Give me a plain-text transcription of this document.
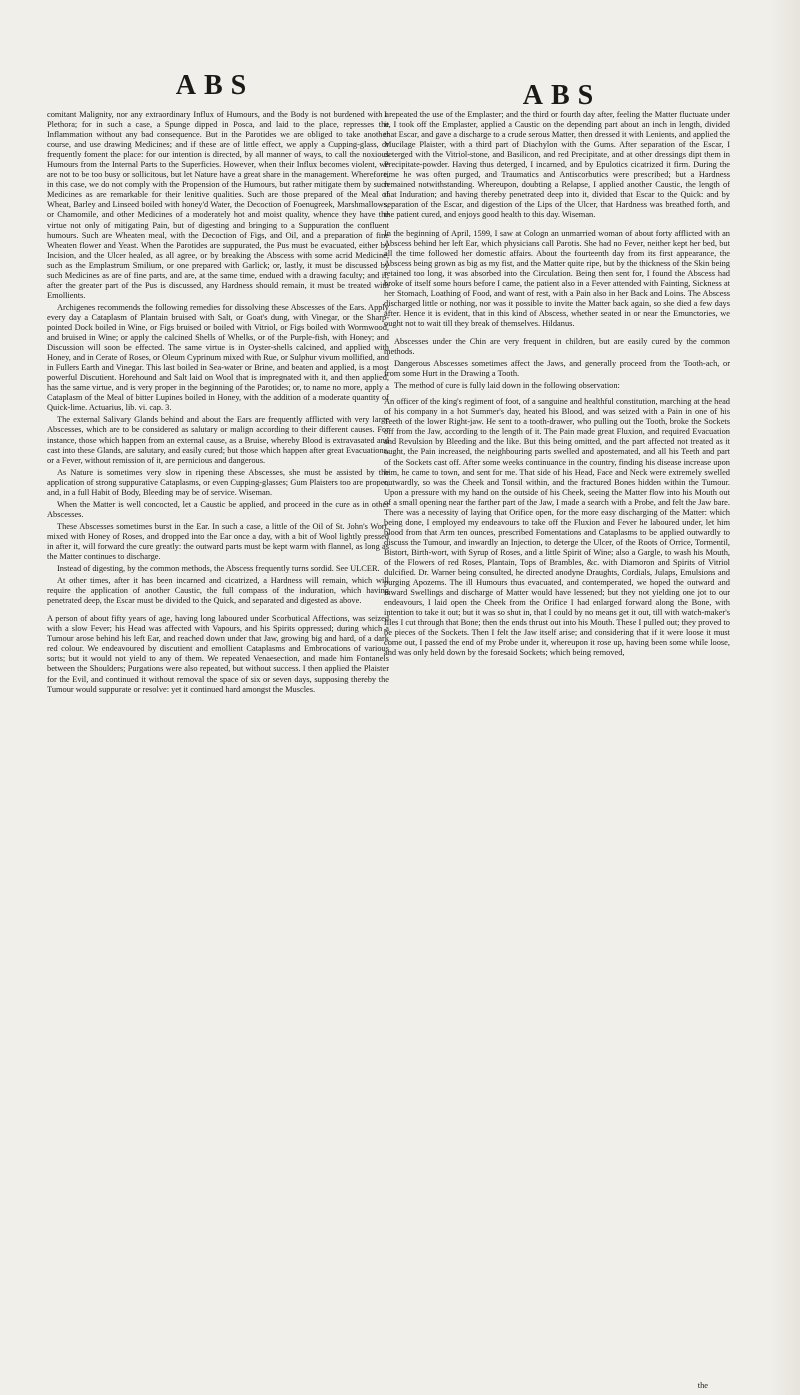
ABS	ABS

comitant Malignity, nor any extraordinary Influx of Humours, and the Body is not burdened with a Plethora; for in such a case, a Spunge dipped in Posca, and laid to the place, represses the Inflammation without any bad consequence. But in the Parotides we are obliged to take another course, and use drawing Medicines; and if these are of little effect, we apply a Cupping-glass, or frequently foment the place: for our intention is directed, by all manner of ways, to call the noxious Humours from the Internal Parts to the Superficies. However, when their Influx becomes violent, we are not to be too busy or sollicitous, but let Nature have a great share in the management. Wherefore, in this case, we do not comply with the Propension of the Humours, but rather mitigate them by such Medicines as are remarkable for their lenitive qualities. Such are those prepared of the Meal of Wheat, Barley and Linseed boiled with honey'd Water, the Decoction of Foenugreek, Marshmallows, or Chamomile, and other Medicines of a moderately hot and moist quality, whence they have the virtue not only of mitigating Pain, but of digesting and bringing to a Suppuration the confluent humours. Such are Wheaten meal, with the Decoction of Figs, and Oil, and a preparation of fine Wheaten flower and Yeast. When the Parotides are suppurated, the Pus must be evacuated, either by Incision, and the Ulcer healed, as all agree, or by breaking the Abscess with some acrid Medicine, such as the Emplastrum Smilium, or one prepared with Garlick; or, lastly, it must be discussed by such Medicines as are of fine parts, and are, at the same time, endued with a drawing faculty; and if, after the greater part of the Pus is discussed, any Hardness should remain, it must be treated with Emollients.

Archigenes recommends the following remedies for dissolving these Abscesses of the Ears. Apply every day a Cataplasm of Plantain bruised with Salt, or Goat's dung, with Vinegar, or the Sharp-pointed Dock boiled in Wine, or Figs bruised or boiled with Vitriol, or Figs boiled with Wormwood, and bruised in Wine; or apply the calcined Shells of Whelks, or of the Purple-fish, with Honey; and Discussion will soon be effected. The same virtue is in Oyster-shells calcined, and applied with Honey, and in Cerate of Roses, or Oleum Cyprinum mixed with Rue, or Sulphur vivum mollified, and in Fullers Earth and Vinegar. This last boiled in Sea-water or Brine, and beaten and applied, is a most powerful Discutient. Horehound and Salt laid on Wool that is impregnated with it, and then applied, has the same virtue, and is very proper in the beginning of the Parotides; or, to name no more, apply a Cataplasm of the Meal of bitter Lupines boiled in Honey, with the addition of a moderate quantity of Quick-lime. Actuarius, lib. vi. cap. 3.

The external Salivary Glands behind and about the Ears are frequently afflicted with very large Abscesses, which are to be considered as salutary or malign according to their different causes. For instance, those which happen from an external cause, as a Bruise, whereby Blood is extravasated and cast into these Glands, are salutary, and easily cured; but those which happen after great Evacuations, or a Fever, without remission of it, are pernicious and dangerous.

As Nature is sometimes very slow in ripening these Abscesses, she must be assisted by the application of strong suppurative Cataplasms, or even Cupping-glasses; Gum Plaisters too are proper, and, in a full Habit of Body, Bleeding may be of service. Wiseman.

When the Matter is well concocted, let a Caustic be applied, and proceed in the cure as in other Abscesses.

These Abscesses sometimes burst in the Ear. In such a case, a little of the Oil of St. John's Wort, mixed with Honey of Roses, and dropped into the Ear once a day, with a bit of Wool lightly pressed in after it, will forward the cure greatly: the outward parts must be kept warm with flannel, as long as the Matter continues to discharge.

Instead of digesting, by the common methods, the Abscess frequently turns sordid. See ULCER.

At other times, after it has been incarned and cicatrized, a Hardness will remain, which will require the application of another Caustic, the full compass of the induration, which having penetrated deep, the Escar must be divided to the Quick, and separated and digested as above.

A person of about fifty years of age, having long laboured under Scorbutical Affections, was seized with a slow Fever; his Head was affected with Vapours, and his Spirits oppressed; during which a Tumour arose behind his left Ear, and reached down under that Jaw, growing big and hard, of a dark red colour. We endeavoured by discutient and emollient Cataplasms and Embrocations of various sorts; but it would not yield to any of them. We repeated Venaesection, and made him Fontanels between the Shoulders; Purgations were also repeated, but without success. I then applied the Plaister for the Evil, and continued it without removal the space of six or seven days, supposing thereby the Tumour would suppurate or resolve: yet it continued hard amongst the Muscles.

I repeated the use of the Emplaster; and the third or fourth day after, feeling the Matter fluctuate under it, I took off the Emplaster, applied a Caustic on the depending part about an inch in length, divided that Escar, and gave a discharge to a crude serous Matter, then dressed it with Lenients, and applied the Mucilage Plaister, with a third part of Diachylon with the Gums. After separation of the Escar, I deterged with the Vitriol-stone, and Basilicon, and red Precipitate, and at other dressings dipt them in Precipitate-powder. Having thus deterged, I incarned, and by Epulotics cicatrized it firm. During the time he was often purged, and Traumatics and Antiscorbutics were prescribed; but a Hardness remained notwithstanding. Whereupon, doubting a Relapse, I applied another Caustic, the length of that Induration; and having thereby penetrated deep into it, divided that Escar to the Quick: and by separation of the Escar, and digestion of the Lips of the Ulcer, that Hardness was breathed forth, and the patient cured, and enjoys good health to this day. Wiseman.

In the beginning of April, 1599, I saw at Cologn an unmarried woman of about forty afflicted with an Abscess behind her left Ear, which physicians call Parotis. She had no Fever, neither kept her bed, but all the time followed her domestic affairs. About the fourteenth day from its first appearance, the Abscess being grown as big as my fist, and the Matter quite ripe, but by the thickness of the Skin being retained too long, it was absorbed into the Circulation. Being then sent for, I found the Abscess had broke of itself some hours before I came, the patient also in a Fever attended with Fainting, Sickness at her Stomach, Loathing of Food, and want of rest, with a Pain also in her Back and Loins. The Abscess discharged little or nothing, nor was it possible to invite the Matter back again, so she died a few days after. Hence it is evident, that in this kind of Abscess, whether seated in or near the Emunctories, we ought not to wait till they break of themselves. Hildanus.

Abscesses under the Chin are very frequent in children, but are easily cured by the common methods.

Dangerous Abscesses sometimes affect the Jaws, and generally proceed from the Tooth-ach, or from some Hurt in the Drawing a Tooth.

The method of cure is fully laid down in the following observation:

An officer of the king's regiment of foot, of a sanguine and healthful constitution, marching at the head of his company in a hot Summer's day, heated his Blood, and was seized with a Pain in one of his Teeth of the lower Right-jaw. He sent to a tooth-drawer, who pulling out the Tooth, broke the Sockets off from the Jaw, according to the length of it. The Pain made great Fluxion, and required Evacuation and Revulsion by Bleeding and the like. But this being omitted, and the part affected not treated as it ought, the Pain increased, the neighbouring parts swelled and apostemated, and all his Teeth and part of the Sockets cast off. After some weeks continuance in the country, finding his disease increase upon him, he came to town, and sent for me. That side of his Head, Face and Neck were extremely swelled outwardly, so was the Cheek and Tonsil within, and the fractured Bones hidden within the Tumour. Upon a pressure with my hand on the outside of his Cheek, seeing the Matter flow into his Mouth out of a small opening near the farther part of the Jaw, I made a search with a Probe, and felt the Jaw bare. There was a necessity of laying that Orifice open, for the more easy discharging of the Matter: which being done, I employed my endeavours to take off the Fluxion and Fever he laboured under, let him blood from that Arm ten ounces, prescribed Fomentations and Cataplasms to be applied outwardly to discuss the Tumour, and inwardly an Injection, to deterge the Ulcer, of the Roots of Orrice, Tormentil, Bistort, Birth-wort, with Syrup of Roses, and a little Spirit of Wine; also a Gargle, to wash his Mouth, of the Flowers of red Roses, Plantain, Tops of Brambles, &c. with Diamoron and Spirits of Vitriol dulcified. Dr. Warner being consulted, he directed anodyne Draughts, Cordials, Julaps, Emulsions and purging Apozems. The ill Humours thus evacuated, and contemperated, we hoped the outward and inward Swellings and discharge of Matter would have lessened; but they not yielding one jot to our endeavours, I laid open the Cheek from the Orifice I had enlarged forward along the Bone, with intention to take it out; but it was so shut in, that I could by no means get it out, till with watch-maker's files I cut through that Bone; then the ends thrust out into his Mouth. These I pulled out; they proved to be pieces of the Sockets. Then I felt the Jaw itself arise; and considering that if it were loose it must come out, I passed the end of my Probe under it, whereupon it rose up, having been some while loose, and was only held down by the foresaid Sockets; which being removed,

the
